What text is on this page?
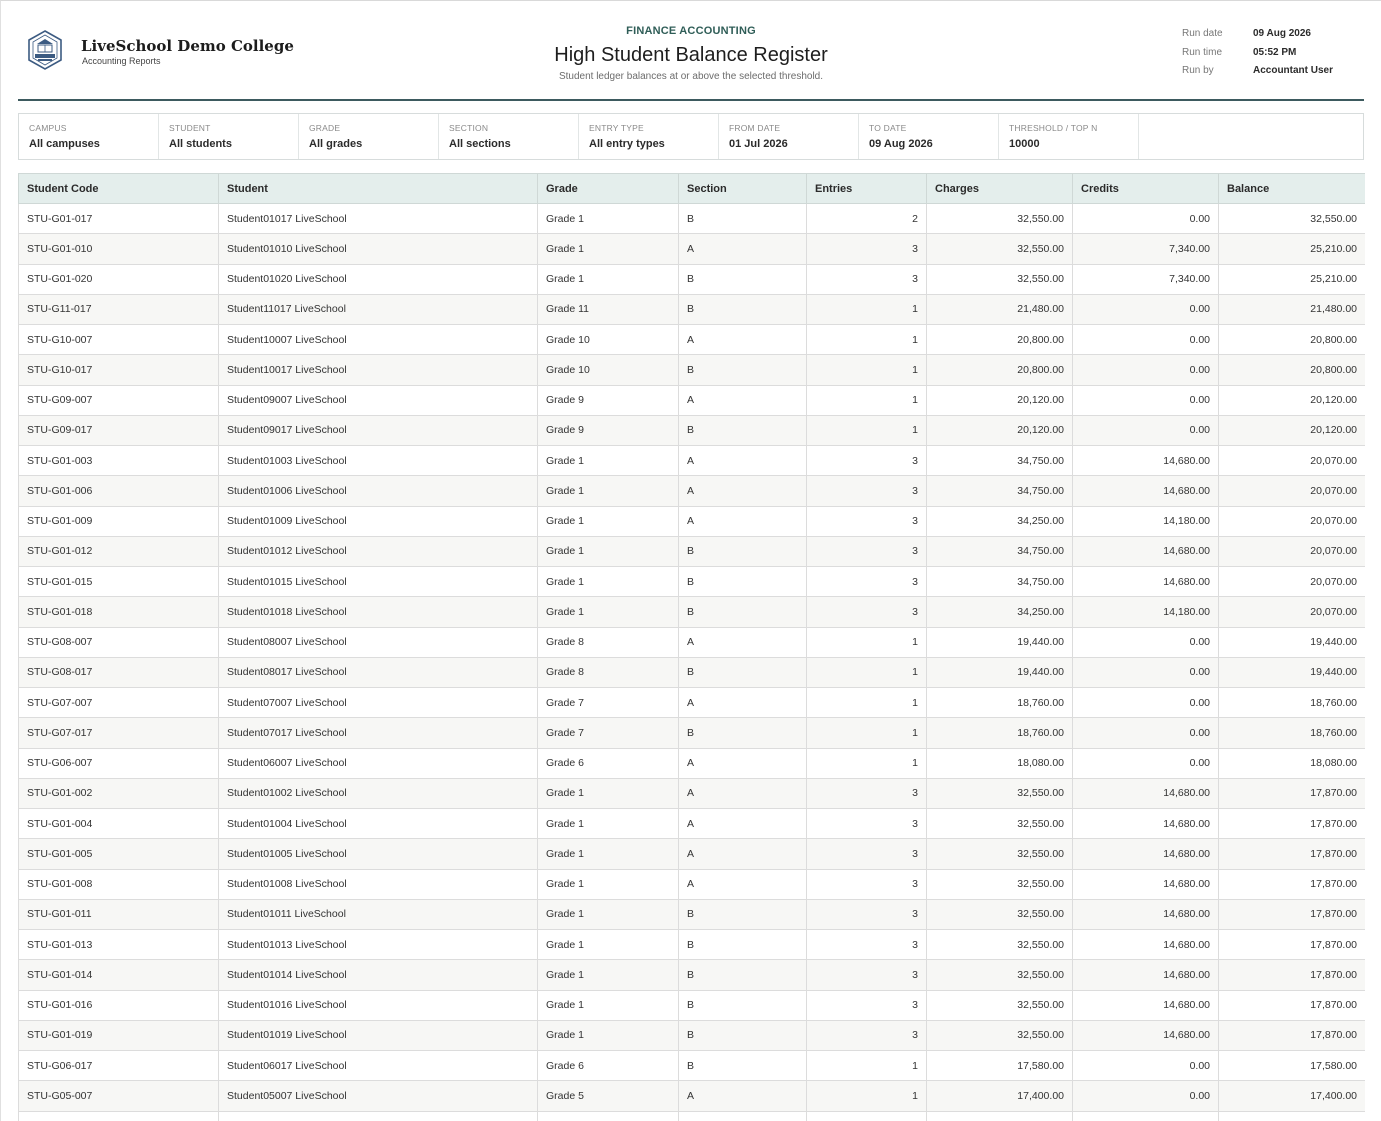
LiveSchool Demo College
Accounting Reports
FINANCE ACCOUNTING
High Student Balance Register
Student ledger balances at or above the selected threshold.
Run date	09 Aug 2026
Run time	05:52 PM
Run by	Accountant User
CAMPUS
All campuses
STUDENT
All students
GRADE
All grades
SECTION
All sections
ENTRY TYPE
All entry types
FROM DATE
01 Jul 2026
TO DATE
09 Aug 2026
THRESHOLD / TOP N
10000
Student Code	Student	Grade	Section	Entries	Charges	Credits	Balance
STU-G01-017	Student01017 LiveSchool	Grade 1	B	2	32,550.00	0.00	32,550.00
STU-G01-010	Student01010 LiveSchool	Grade 1	A	3	32,550.00	7,340.00	25,210.00
STU-G01-020	Student01020 LiveSchool	Grade 1	B	3	32,550.00	7,340.00	25,210.00
STU-G11-017	Student11017 LiveSchool	Grade 11	B	1	21,480.00	0.00	21,480.00
STU-G10-007	Student10007 LiveSchool	Grade 10	A	1	20,800.00	0.00	20,800.00
STU-G10-017	Student10017 LiveSchool	Grade 10	B	1	20,800.00	0.00	20,800.00
STU-G09-007	Student09007 LiveSchool	Grade 9	A	1	20,120.00	0.00	20,120.00
STU-G09-017	Student09017 LiveSchool	Grade 9	B	1	20,120.00	0.00	20,120.00
STU-G01-003	Student01003 LiveSchool	Grade 1	A	3	34,750.00	14,680.00	20,070.00
STU-G01-006	Student01006 LiveSchool	Grade 1	A	3	34,750.00	14,680.00	20,070.00
STU-G01-009	Student01009 LiveSchool	Grade 1	A	3	34,250.00	14,180.00	20,070.00
STU-G01-012	Student01012 LiveSchool	Grade 1	B	3	34,750.00	14,680.00	20,070.00
STU-G01-015	Student01015 LiveSchool	Grade 1	B	3	34,750.00	14,680.00	20,070.00
STU-G01-018	Student01018 LiveSchool	Grade 1	B	3	34,250.00	14,180.00	20,070.00
STU-G08-007	Student08007 LiveSchool	Grade 8	A	1	19,440.00	0.00	19,440.00
STU-G08-017	Student08017 LiveSchool	Grade 8	B	1	19,440.00	0.00	19,440.00
STU-G07-007	Student07007 LiveSchool	Grade 7	A	1	18,760.00	0.00	18,760.00
STU-G07-017	Student07017 LiveSchool	Grade 7	B	1	18,760.00	0.00	18,760.00
STU-G06-007	Student06007 LiveSchool	Grade 6	A	1	18,080.00	0.00	18,080.00
STU-G01-002	Student01002 LiveSchool	Grade 1	A	3	32,550.00	14,680.00	17,870.00
STU-G01-004	Student01004 LiveSchool	Grade 1	A	3	32,550.00	14,680.00	17,870.00
STU-G01-005	Student01005 LiveSchool	Grade 1	A	3	32,550.00	14,680.00	17,870.00
STU-G01-008	Student01008 LiveSchool	Grade 1	A	3	32,550.00	14,680.00	17,870.00
STU-G01-011	Student01011 LiveSchool	Grade 1	B	3	32,550.00	14,680.00	17,870.00
STU-G01-013	Student01013 LiveSchool	Grade 1	B	3	32,550.00	14,680.00	17,870.00
STU-G01-014	Student01014 LiveSchool	Grade 1	B	3	32,550.00	14,680.00	17,870.00
STU-G01-016	Student01016 LiveSchool	Grade 1	B	3	32,550.00	14,680.00	17,870.00
STU-G01-019	Student01019 LiveSchool	Grade 1	B	3	32,550.00	14,680.00	17,870.00
STU-G06-017	Student06017 LiveSchool	Grade 6	B	1	17,580.00	0.00	17,580.00
STU-G05-007	Student05007 LiveSchool	Grade 5	A	1	17,400.00	0.00	17,400.00
